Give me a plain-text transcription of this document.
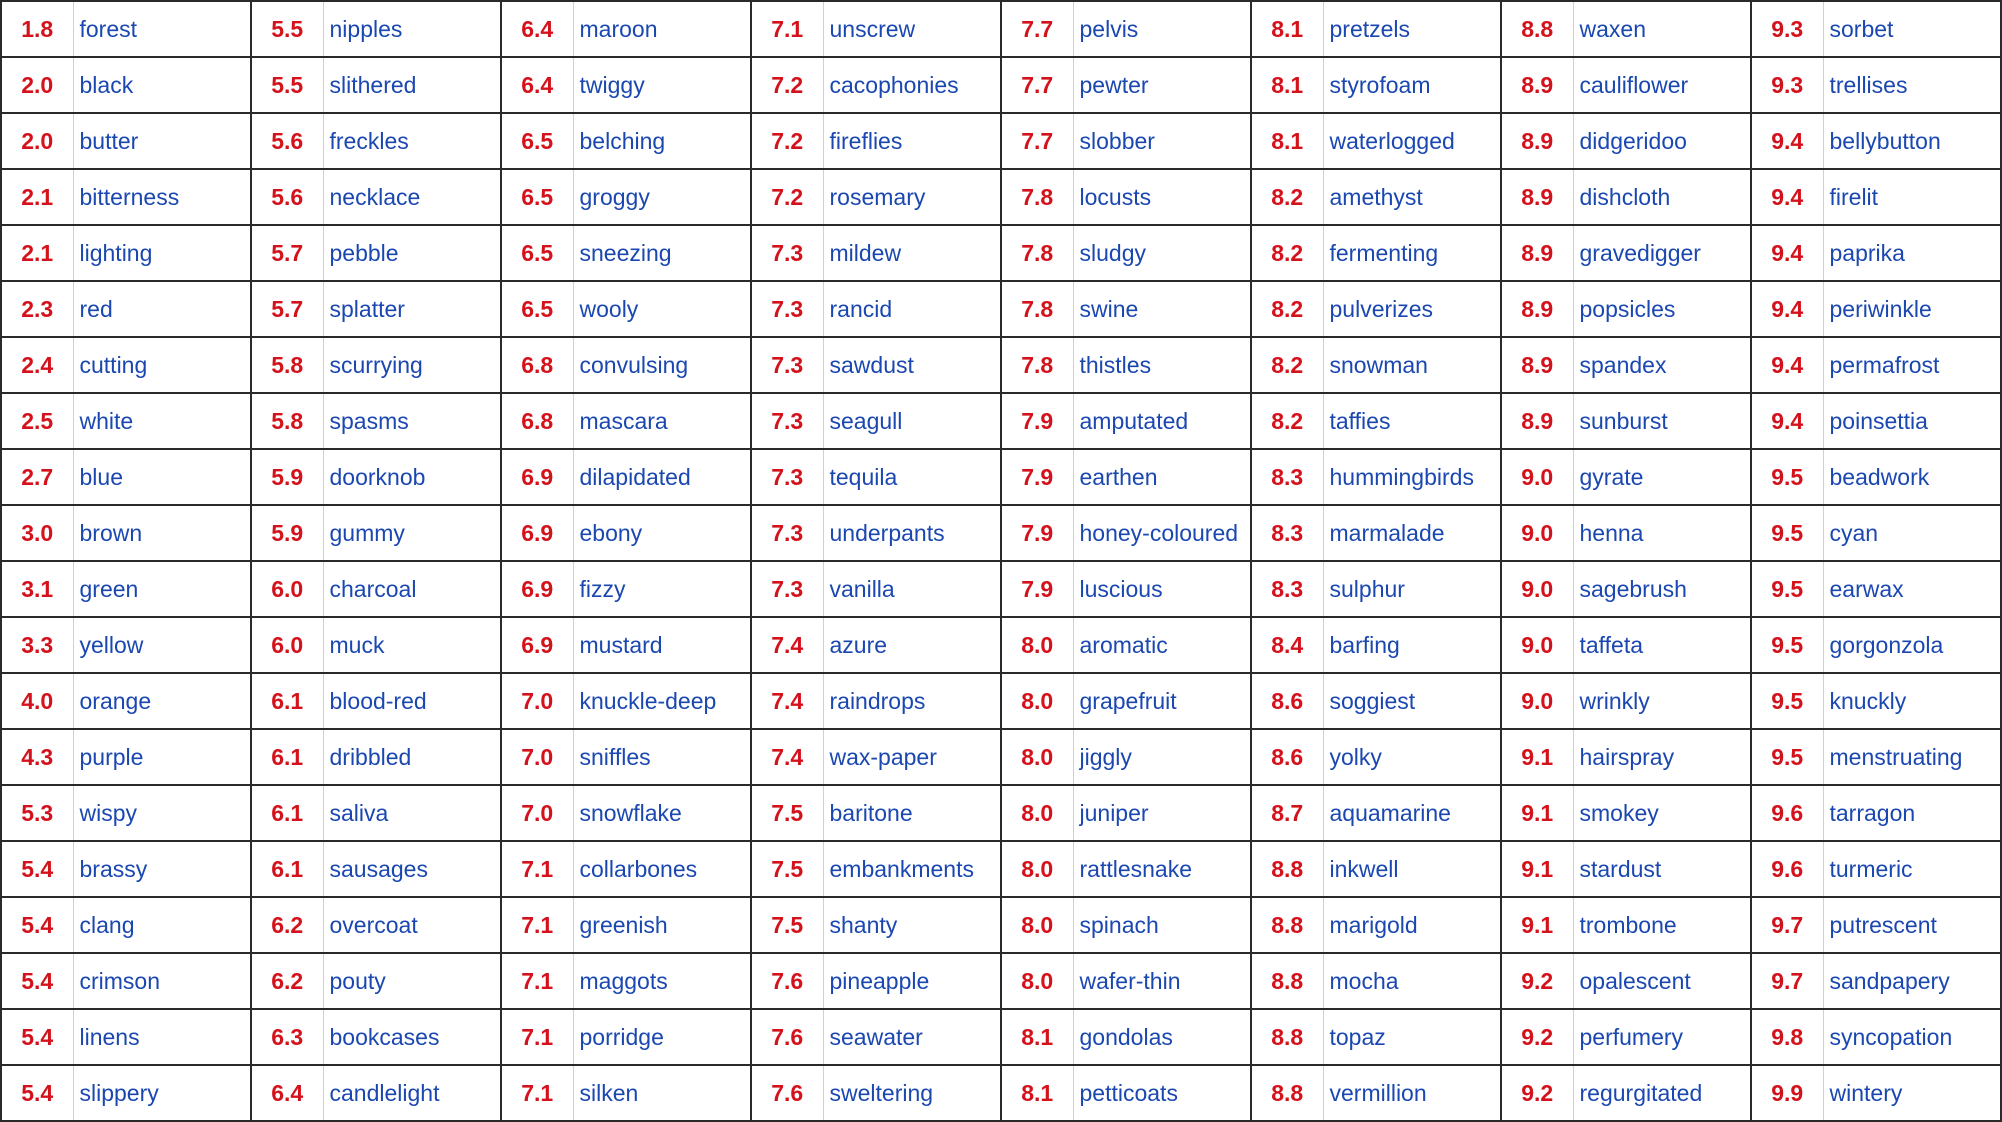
1.8	forest	5.5	nipples	6.4	maroon	7.1	unscrew	7.7	pelvis	8.1	pretzels	8.8	waxen	9.3	sorbet
2.0	black	5.5	slithered	6.4	twiggy	7.2	cacophonies	7.7	pewter	8.1	styrofoam	8.9	cauliflower	9.3	trellises
2.0	butter	5.6	freckles	6.5	belching	7.2	fireflies	7.7	slobber	8.1	waterlogged	8.9	didgeridoo	9.4	bellybutton
2.1	bitterness	5.6	necklace	6.5	groggy	7.2	rosemary	7.8	locusts	8.2	amethyst	8.9	dishcloth	9.4	firelit
2.1	lighting	5.7	pebble	6.5	sneezing	7.3	mildew	7.8	sludgy	8.2	fermenting	8.9	gravedigger	9.4	paprika
2.3	red	5.7	splatter	6.5	wooly	7.3	rancid	7.8	swine	8.2	pulverizes	8.9	popsicles	9.4	periwinkle
2.4	cutting	5.8	scurrying	6.8	convulsing	7.3	sawdust	7.8	thistles	8.2	snowman	8.9	spandex	9.4	permafrost
2.5	white	5.8	spasms	6.8	mascara	7.3	seagull	7.9	amputated	8.2	taffies	8.9	sunburst	9.4	poinsettia
2.7	blue	5.9	doorknob	6.9	dilapidated	7.3	tequila	7.9	earthen	8.3	hummingbirds	9.0	gyrate	9.5	beadwork
3.0	brown	5.9	gummy	6.9	ebony	7.3	underpants	7.9	honey-coloured	8.3	marmalade	9.0	henna	9.5	cyan
3.1	green	6.0	charcoal	6.9	fizzy	7.3	vanilla	7.9	luscious	8.3	sulphur	9.0	sagebrush	9.5	earwax
3.3	yellow	6.0	muck	6.9	mustard	7.4	azure	8.0	aromatic	8.4	barfing	9.0	taffeta	9.5	gorgonzola
4.0	orange	6.1	blood-red	7.0	knuckle-deep	7.4	raindrops	8.0	grapefruit	8.6	soggiest	9.0	wrinkly	9.5	knuckly
4.3	purple	6.1	dribbled	7.0	sniffles	7.4	wax-paper	8.0	jiggly	8.6	yolky	9.1	hairspray	9.5	menstruating
5.3	wispy	6.1	saliva	7.0	snowflake	7.5	baritone	8.0	juniper	8.7	aquamarine	9.1	smokey	9.6	tarragon
5.4	brassy	6.1	sausages	7.1	collarbones	7.5	embankments	8.0	rattlesnake	8.8	inkwell	9.1	stardust	9.6	turmeric
5.4	clang	6.2	overcoat	7.1	greenish	7.5	shanty	8.0	spinach	8.8	marigold	9.1	trombone	9.7	putrescent
5.4	crimson	6.2	pouty	7.1	maggots	7.6	pineapple	8.0	wafer-thin	8.8	mocha	9.2	opalescent	9.7	sandpapery
5.4	linens	6.3	bookcases	7.1	porridge	7.6	seawater	8.1	gondolas	8.8	topaz	9.2	perfumery	9.8	syncopation
5.4	slippery	6.4	candlelight	7.1	silken	7.6	sweltering	8.1	petticoats	8.8	vermillion	9.2	regurgitated	9.9	wintery
